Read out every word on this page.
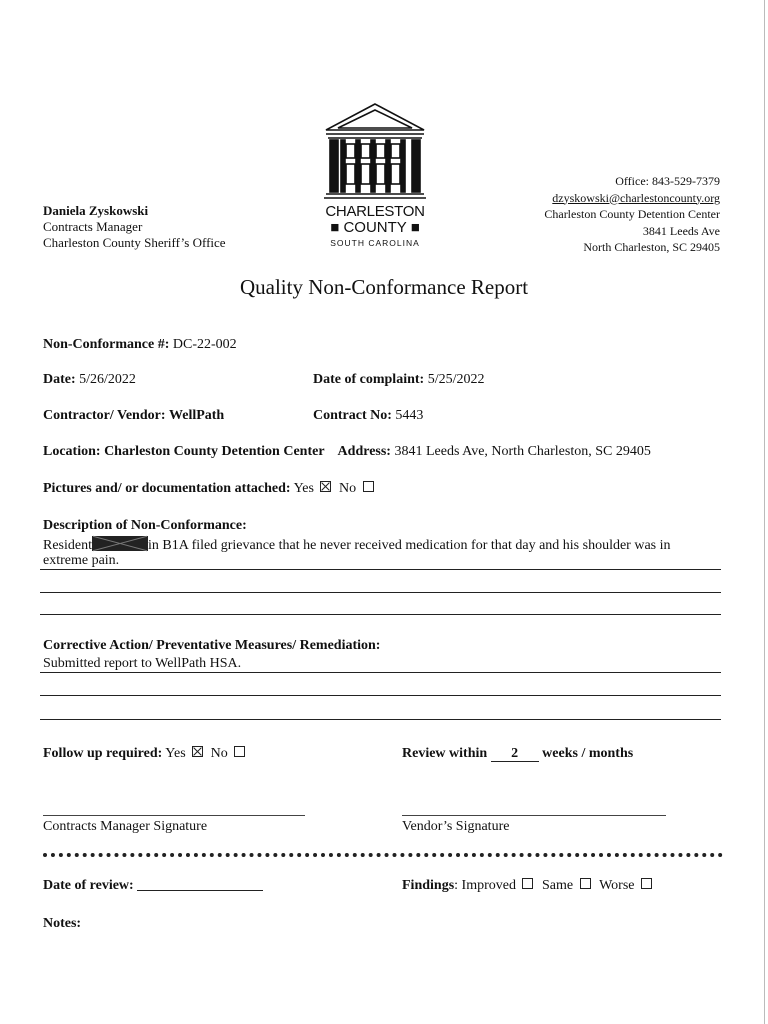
CHARLESTON
■ COUNTY ■
SOUTH CAROLINA
Daniela Zyskowski
Contracts Manager
Charleston County Sheriff’s Office
Office: 843-529-7379
dzyskowski@charlestoncounty.org
Charleston County Detention Center
3841 Leeds Ave
North Charleston, SC 29405
Quality Non-Conformance Report
Non-Conformance #: DC-22-002
Date: 5/26/2022	Date of complaint: 5/25/2022
Contractor/ Vendor: WellPath	Contract No: 5443
Location: Charleston County Detention Center Address: 3841 Leeds Ave, North Charleston, SC 29405
Pictures and/ or documentation attached: Yes No
Description of Non-Conformance:
Resident	in B1A filed grievance that he never received medication for that day and his shoulder was in
extreme pain.
Corrective Action/ Preventative Measures/ Remediation:
Submitted report to WellPath HSA.
Follow up required: Yes No	Review within 2 weeks / months
Contracts Manager Signature	Vendor’s Signature
Date of review:	Findings: Improved Same Worse
Notes:
